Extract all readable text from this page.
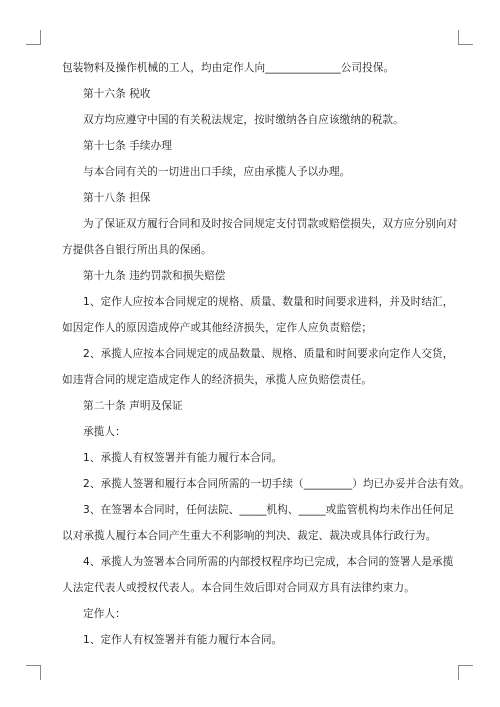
包装物料及操作机械的工人，均由定作人向______________公司投保。
第十六条 税收
双方均应遵守中国的有关税法规定，按时缴纳各自应该缴纳的税款。
第十七条 手续办理
与本合同有关的一切进出口手续，应由承揽人予以办理。
第十八条 担保
为了保证双方履行合同和及时按合同规定支付罚款或赔偿损失，双方应分别向对
方提供各自银行所出具的保函。
第十九条 违约罚款和损失赔偿
1、定作人应按本合同规定的规格、质量、数量和时间要求进料，并及时结汇，
如因定作人的原因造成停产或其他经济损失，定作人应负责赔偿；
2、承揽人应按本合同规定的成品数量、规格、质量和时间要求向定作人交货，
如违背合同的规定造成定作人的经济损失，承揽人应负赔偿责任。
第二十条 声明及保证
承揽人：
1、承揽人有权签署并有能力履行本合同。
2、承揽人签署和履行本合同所需的一切手续（_________）均已办妥并合法有效。
3、在签署本合同时，任何法院、_____机构、_____或监管机构均未作出任何足
以对承揽人履行本合同产生重大不利影响的判决、裁定、裁决或具体行政行为。
4、承揽人为签署本合同所需的内部授权程序均已完成，本合同的签署人是承揽
人法定代表人或授权代表人。本合同生效后即对合同双方具有法律约束力。
定作人：
1、定作人有权签署并有能力履行本合同。
